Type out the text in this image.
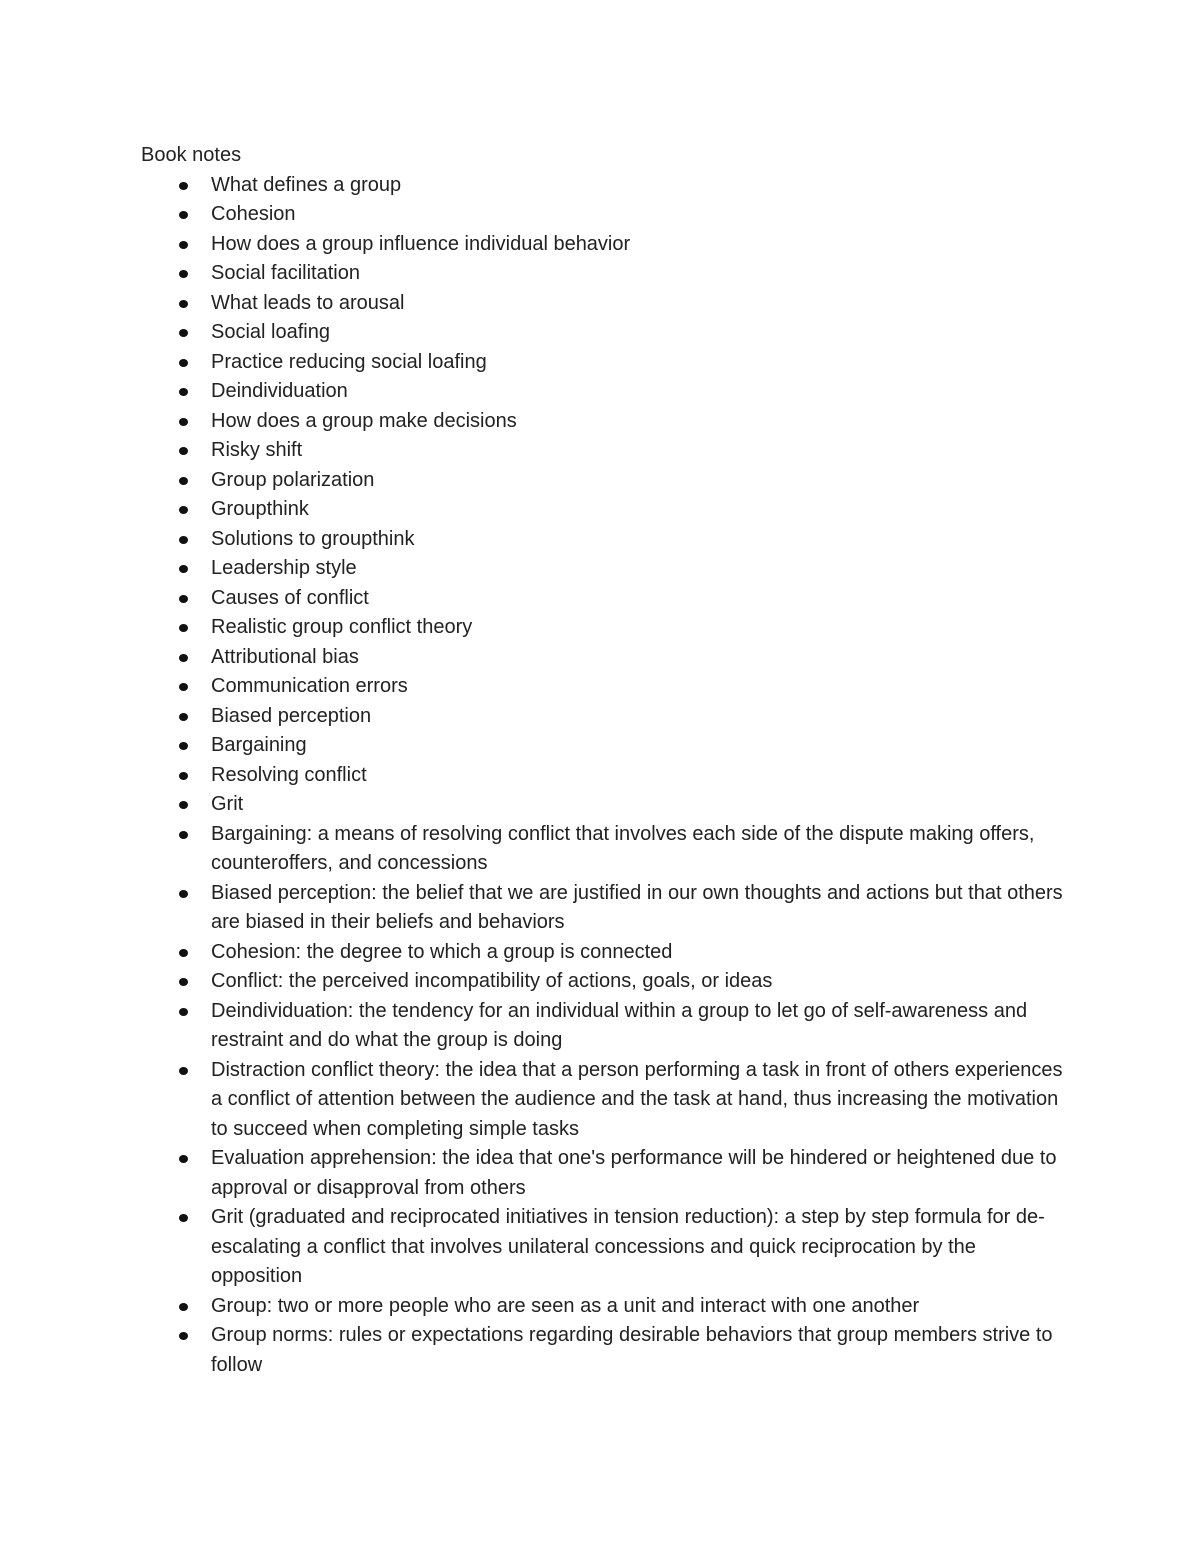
Book notes

What defines a group
Cohesion
How does a group influence individual behavior
Social facilitation
What leads to arousal
Social loafing
Practice reducing social loafing
Deindividuation
How does a group make decisions
Risky shift
Group polarization
Groupthink
Solutions to groupthink
Leadership style
Causes of conflict
Realistic group conflict theory
Attributional bias
Communication errors
Biased perception
Bargaining
Resolving conflict
Grit
Bargaining: a means of resolving conflict that involves each side of the dispute making offers, counteroffers, and concessions
Biased perception: the belief that we are justified in our own thoughts and actions but that others are biased in their beliefs and behaviors
Cohesion: the degree to which a group is connected
Conflict: the perceived incompatibility of actions, goals, or ideas
Deindividuation: the tendency for an individual within a group to let go of self-awareness and restraint and do what the group is doing
Distraction conflict theory: the idea that a person performing a task in front of others experiences a conflict of attention between the audience and the task at hand, thus increasing the motivation to succeed when completing simple tasks
Evaluation apprehension: the idea that one's performance will be hindered or heightened due to approval or disapproval from others
Grit (graduated and reciprocated initiatives in tension reduction): a step by step formula for de-escalating a conflict that involves unilateral concessions and quick reciprocation by the opposition
Group: two or more people who are seen as a unit and interact with one another
Group norms: rules or expectations regarding desirable behaviors that group members strive to follow
